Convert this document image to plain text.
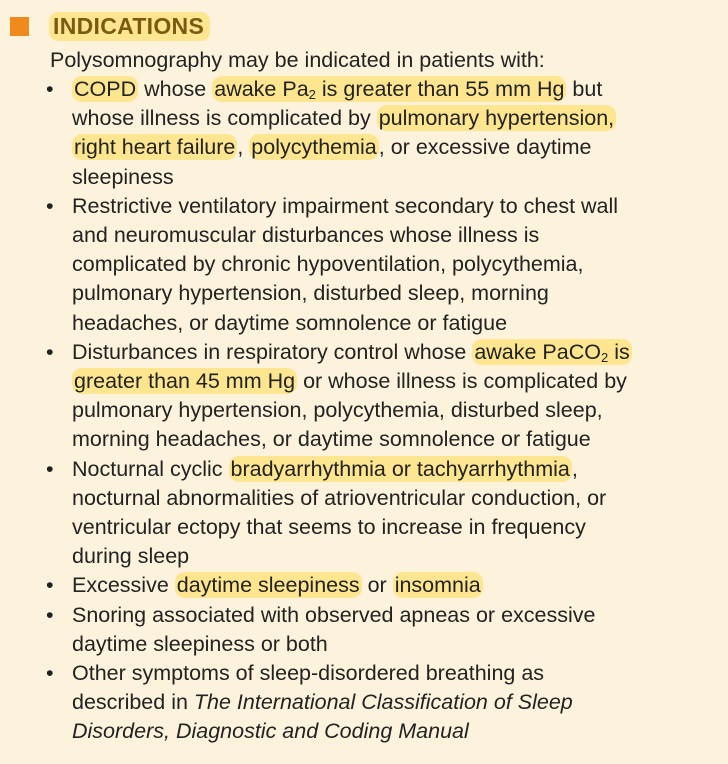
INDICATIONS
Polysomnography may be indicated in patients with:
• COPD whose awake $Pa_2$ is greater than 55 mm Hg but
whose illness is complicated by pulmonary hypertension,
right heart failure, polycythemia, or excessive daytime
sleepiness
• Restrictive ventilatory impairment secondary to chest wall
and neuromuscular disturbances whose illness is
complicated by chronic hypoventilation, polycythemia,
pulmonary hypertension, disturbed sleep, morning
headaches, or daytime somnolence or fatigue
• Disturbances in respiratory control whose awake PaCO$_2$ is
greater than 45 mm Hg or whose illness is complicated by
pulmonary hypertension, polycythemia, disturbed sleep,
morning headaches, or daytime somnolence or fatigue
• Nocturnal cyclic bradyarrhythmia or tachyarrhythmia,
nocturnal abnormalities of atrioventricular conduction, or
ventricular ectopy that seems to increase in frequency
during sleep
• Excessive daytime sleepiness or insomnia
• Snoring associated with observed apneas or excessive
daytime sleepiness or both
• Other symptoms of sleep-disordered breathing as
described in The International Classification of Sleep
Disorders, Diagnostic and Coding Manual
